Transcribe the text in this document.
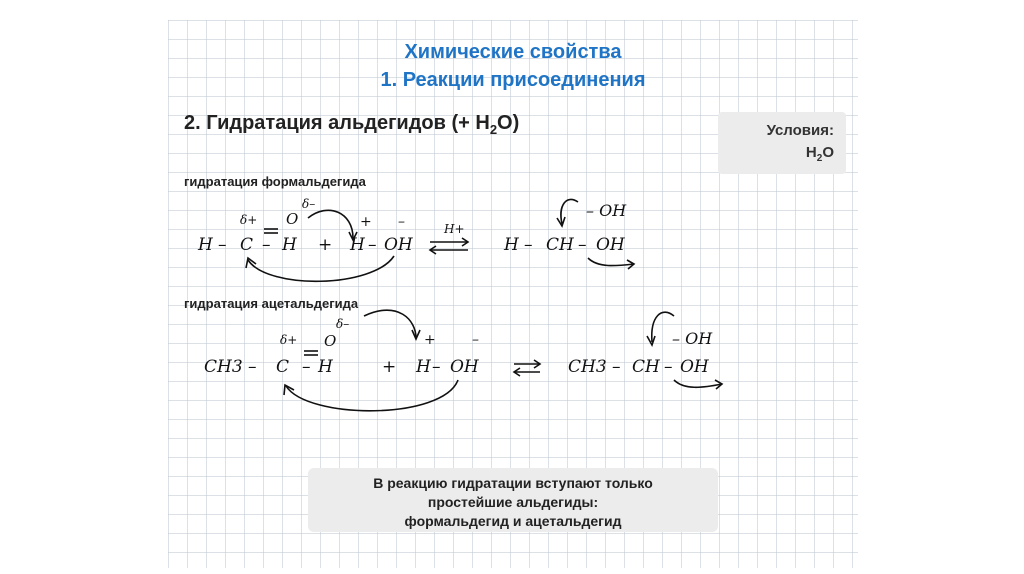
Химические свойства
1. Реакции присоединения
2. Гидратация альдегидов (+ $H_2O$)	Условия:
$H_2O$
гидратация формальдегида
гидратация ацетальдегида
H – C – H + H – OH
O
δ+
δ–
+ –	H+
H – CH – OH
– OH
CH3 – C – H	+ H – OH
O
δ+
δ–
+	–
CH3 – CH – OH
– OH
В реакцию гидратации вступают только
простейшие альдегиды:
формальдегид и ацетальдегид
